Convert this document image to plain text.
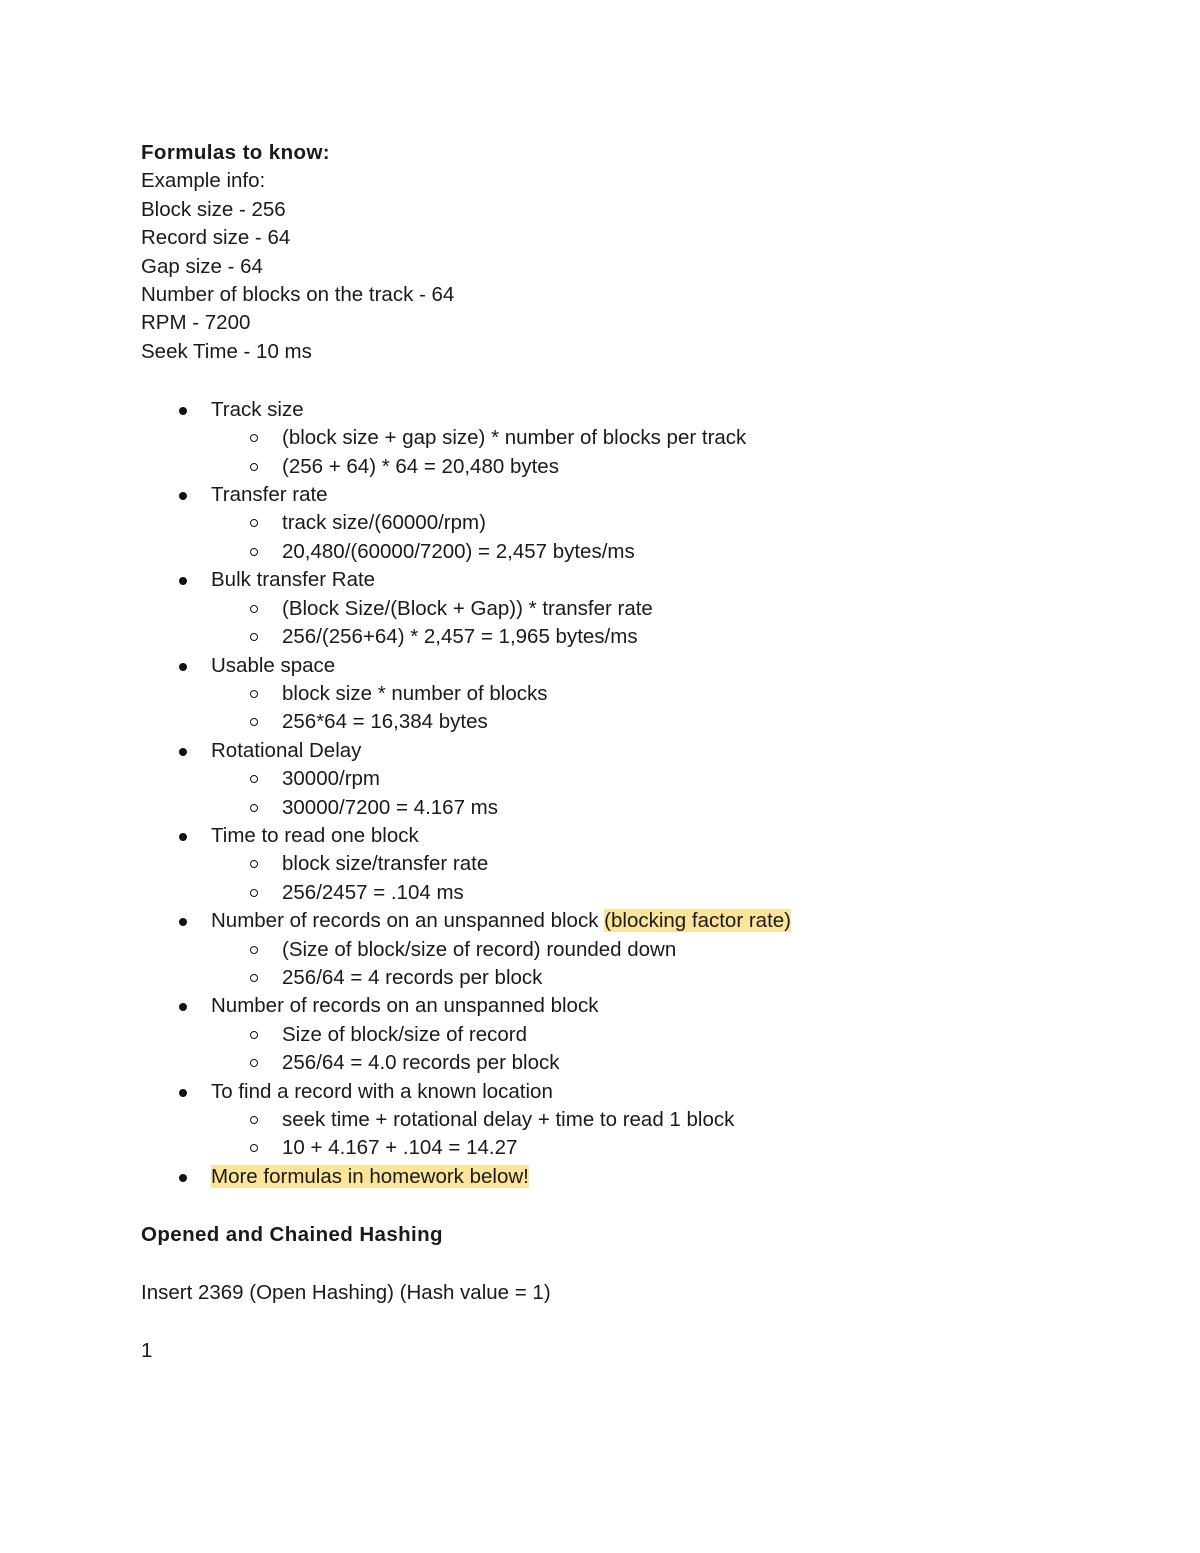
Formulas to know:

Example info:

Block size - 256

Record size - 64

Gap size - 64

Number of blocks on the track - 64

RPM - 7200

Seek Time - 10 ms

Track size
(block size + gap size) * number of blocks per track
(256 + 64) * 64 = 20,480 bytes
Transfer rate
track size/(60000/rpm)
20,480/(60000/7200) = 2,457 bytes/ms
Bulk transfer Rate
(Block Size/(Block + Gap)) * transfer rate
256/(256+64) * 2,457 = 1,965 bytes/ms
Usable space
block size * number of blocks
256*64 = 16,384 bytes
Rotational Delay
30000/rpm
30000/7200 = 4.167 ms
Time to read one block
block size/transfer rate
256/2457 = .104 ms
Number of records on an unspanned block (blocking factor rate)
(Size of block/size of record) rounded down
256/64 = 4 records per block
Number of records on an unspanned block
Size of block/size of record
256/64 = 4.0 records per block
To find a record with a known location
seek time + rotational delay + time to read 1 block
10 + 4.167 + .104 = 14.27
More formulas in homework below!

Opened and Chained Hashing

Insert 2369 (Open Hashing) (Hash value = 1)

1
